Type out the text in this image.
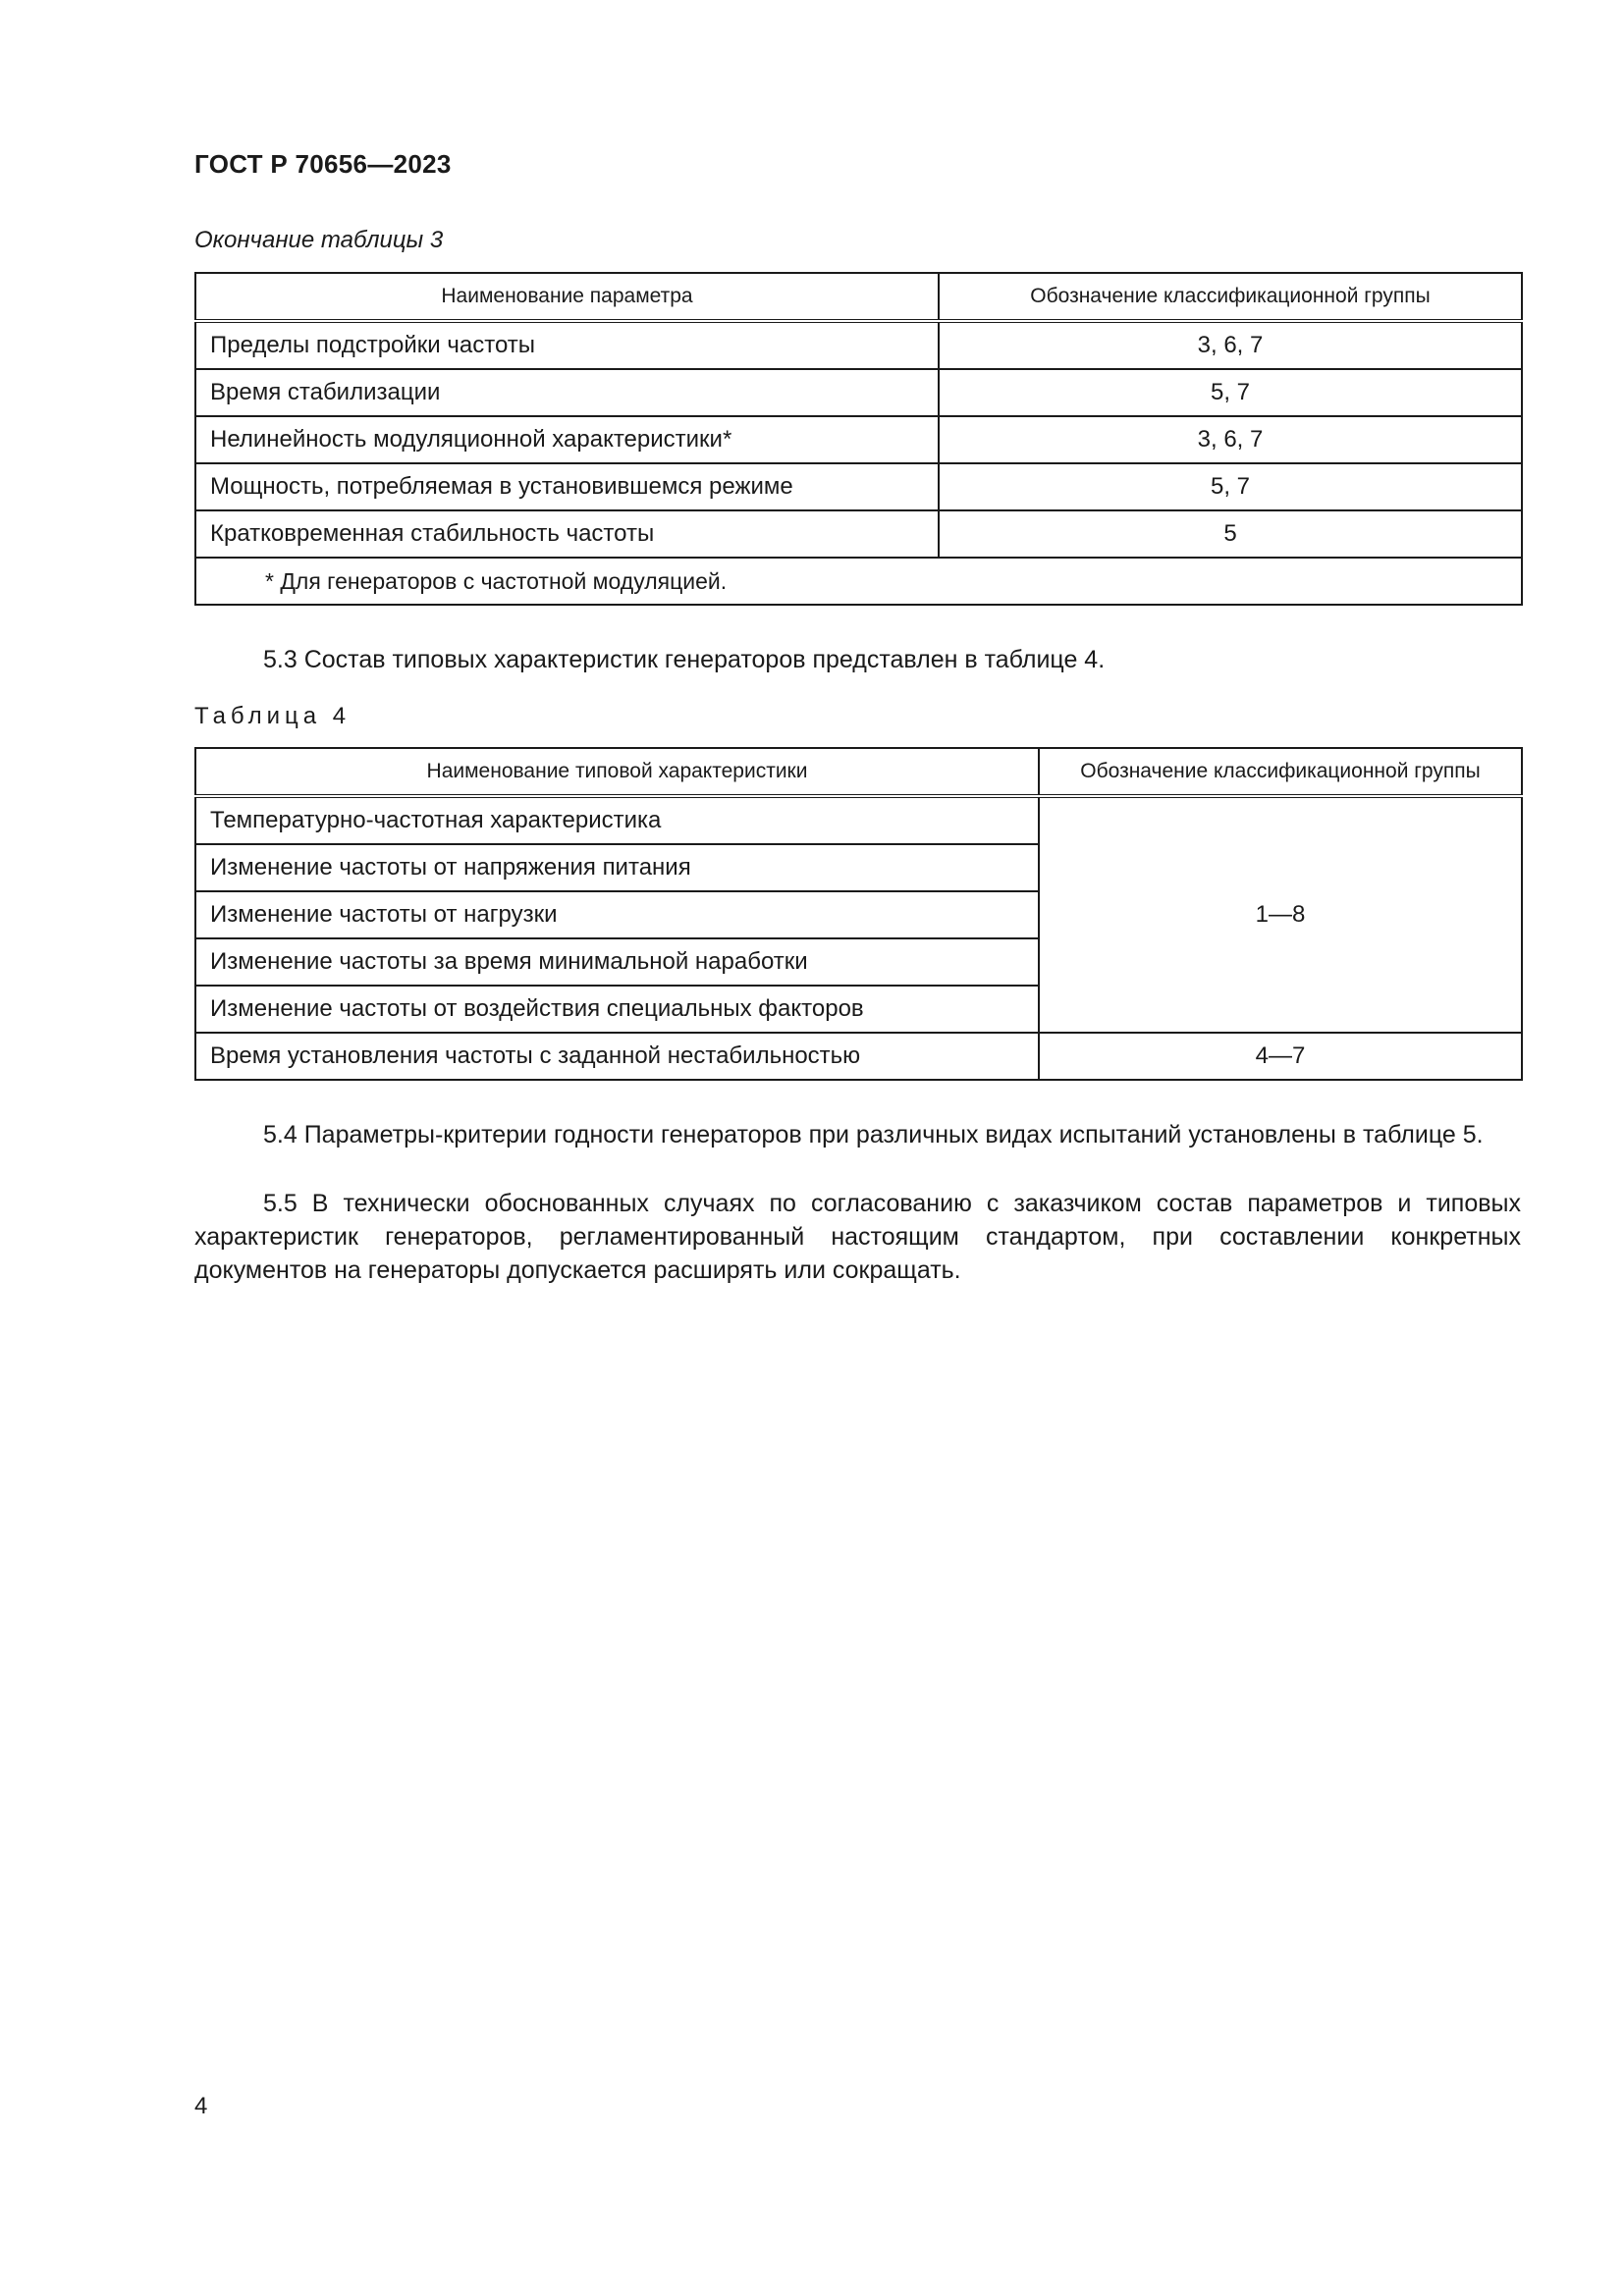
ГОСТ Р 70656—2023
Окончание таблицы 3
Наименование параметра	Обозначение классификационной группы
Пределы подстройки частоты	3, 6, 7
Время стабилизации	5, 7
Нелинейность модуляционной характеристики*	3, 6, 7
Мощность, потребляемая в установившемся режиме	5, 7
Кратковременная стабильность частоты	5
* Для генераторов с частотной модуляцией.	

5.3 Состав типовых характеристик генераторов представлен в таблице 4.

Таблица 4
Наименование типовой характеристики	Обозначение классификационной группы
Температурно-частотная характеристика	1—8
Изменение частоты от напряжения питания	
Изменение частоты от нагрузки	
Изменение частоты за время минимальной наработки	
Изменение частоты от воздействия специальных факторов	
Время установления частоты с заданной нестабильностью	4—7

5.4 Параметры-критерии годности генераторов при различных видах испытаний установлены в таблице 5.

5.5 В технически обоснованных случаях по согласованию с заказчиком состав параметров и типовых характеристик генераторов, регламентированный настоящим стандартом, при составлении конкретных документов на генераторы допускается расширять или сокращать.

4
